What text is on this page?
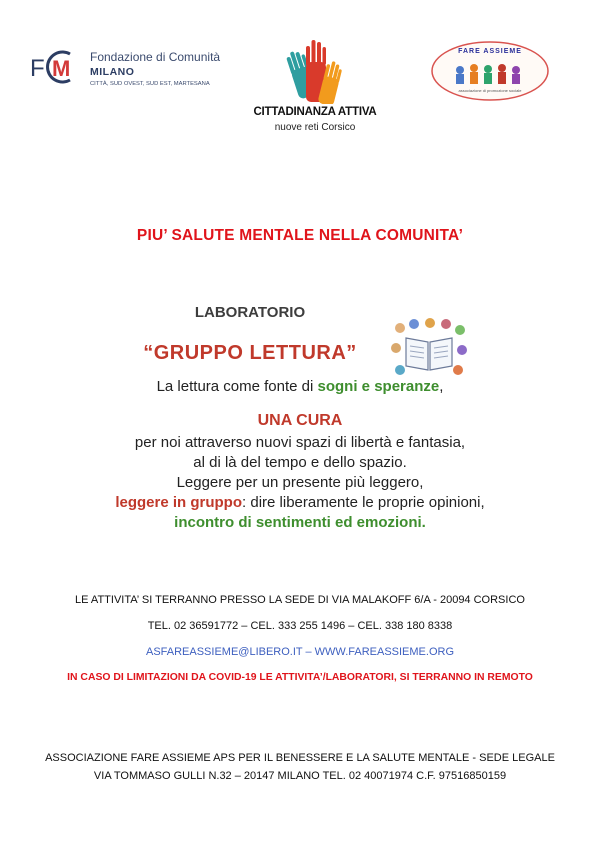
F M Fondazione di Comunità
MILANO
CITTÀ, SUD OVEST, SUD EST, MARTESANA
CITTADINANZA ATTIVA
nuove reti Corsico
FARE ASSIEME
associazione di promozione sociale
PIU’ SALUTE MENTALE NELLA COMUNITA’
LABORATORIO
“GRUPPO LETTURA”
La lettura come fonte di sogni e speranze,
UNA CURA
per noi attraverso nuovi spazi di libertà e fantasia,
al di là del tempo e dello spazio.
Leggere per un presente più leggero,
leggere in gruppo: dire liberamente le proprie opinioni,
incontro di sentimenti ed emozioni.
LE ATTIVITA’ SI TERRANNO PRESSO LA SEDE DI VIA MALAKOFF 6/A - 20094 CORSICO
TEL. 02 36591772 – CEL. 333 255 1496 – CEL. 338 180 8338
ASFAREASSIEME@LIBERO.IT – WWW.FAREASSIEME.ORG
IN CASO DI LIMITAZIONI DA COVID-19 LE ATTIVITA’/LABORATORI, SI TERRANNO IN REMOTO
ASSOCIAZIONE FARE ASSIEME APS PER IL BENESSERE E LA SALUTE MENTALE - SEDE LEGALE
VIA TOMMASO GULLI N.32 – 20147 MILANO TEL. 02 40071974 C.F. 97516850159
